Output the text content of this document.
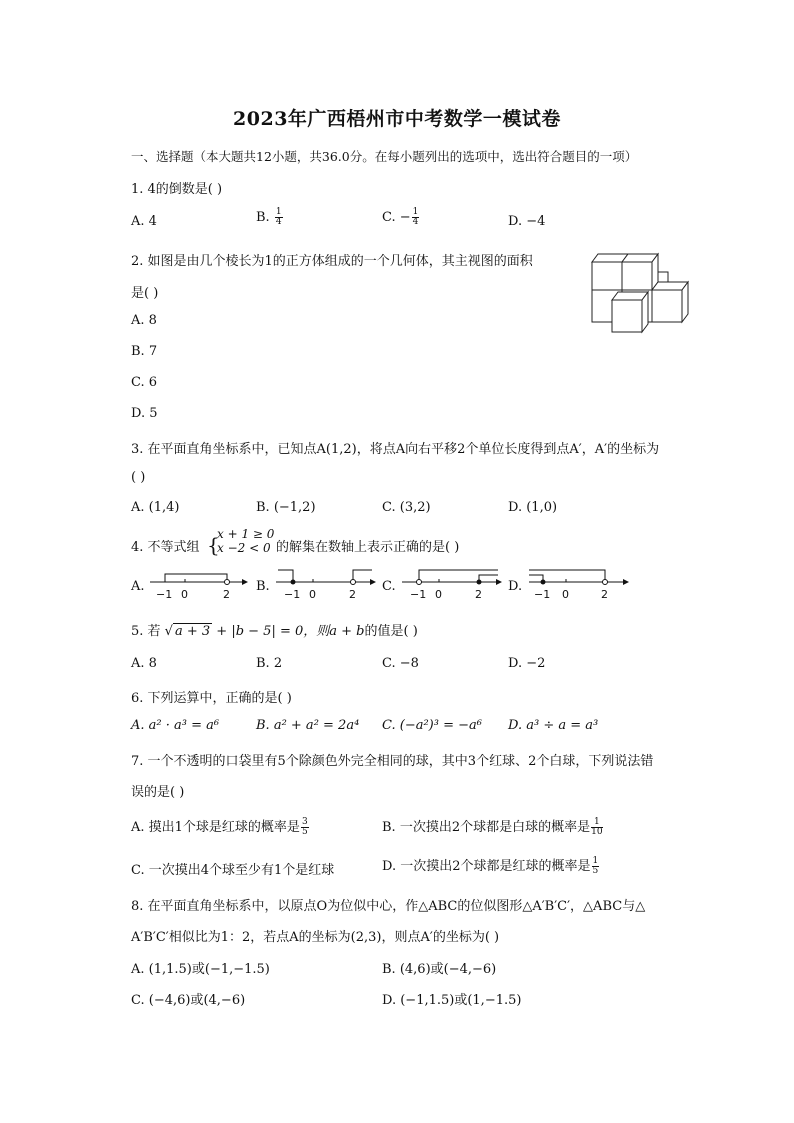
2023年广西梧州市中考数学一模试卷
一、选择题（本大题共12小题，共36.0分。在每小题列出的选项中，选出符合题目的一项）
1. 4的倒数是( )
A. 4	B. $\frac{1}{4}$	C. − $\frac{1}{4}$	D. −4
2. 如图是由几个棱长为1的正方体组成的一个几何体，其主视图的面积
是( )
A. 8
B. 7
C. 6
D. 5
3. 在平面直角坐标系中，已知点A(1,2)，将点A向右平移2个单位长度得到点A′，A′的坐标为
( )
A. (1,4)	B. (−1,2)	C. (3,2)	D. (1,0)
4. 不等式组 {
x + 1 ≥ 0
x −2 < 0 的解集在数轴上表示正确的是( )
A.	B.	C.	D.
−1 0	2	−1 0	2	−1 0	2	−1 0	2
5. 若 √ a + 3 + |b − 5| = 0，则a + b的值是( )
A. 8	B. 2	C. −8	D. −2
6. 下列运算中，正确的是( )
A. a² · a³ = a⁶	B. a² + a² = 2a⁴ C. (−a²)³ = −a⁶ D. a³ ÷ a = a³
7. 一个不透明的口袋里有5个除颜色外完全相同的球，其中3个红球、2个白球，下列说法错
误的是( )
A. 摸出1个球是红球的概率是 $\frac{3}{5}$	B. 一次摸出2个球都是白球的概率是 $\frac{1}{10}$
C. 一次摸出4个球至少有1个是红球	D. 一次摸出2个球都是红球的概率是 $\frac{1}{5}$
8. 在平面直角坐标系中，以原点O为位似中心，作△ABC的位似图形△A′B′C′，△ABC与△
A′B′C′相似比为1：2，若点A的坐标为(2,3)，则点A′的坐标为( )
A. (1,1.5)或(−1,−1.5)	B. (4,6)或(−4,−6)
C. (−4,6)或(4,−6)	D. (−1,1.5)或(1,−1.5)
